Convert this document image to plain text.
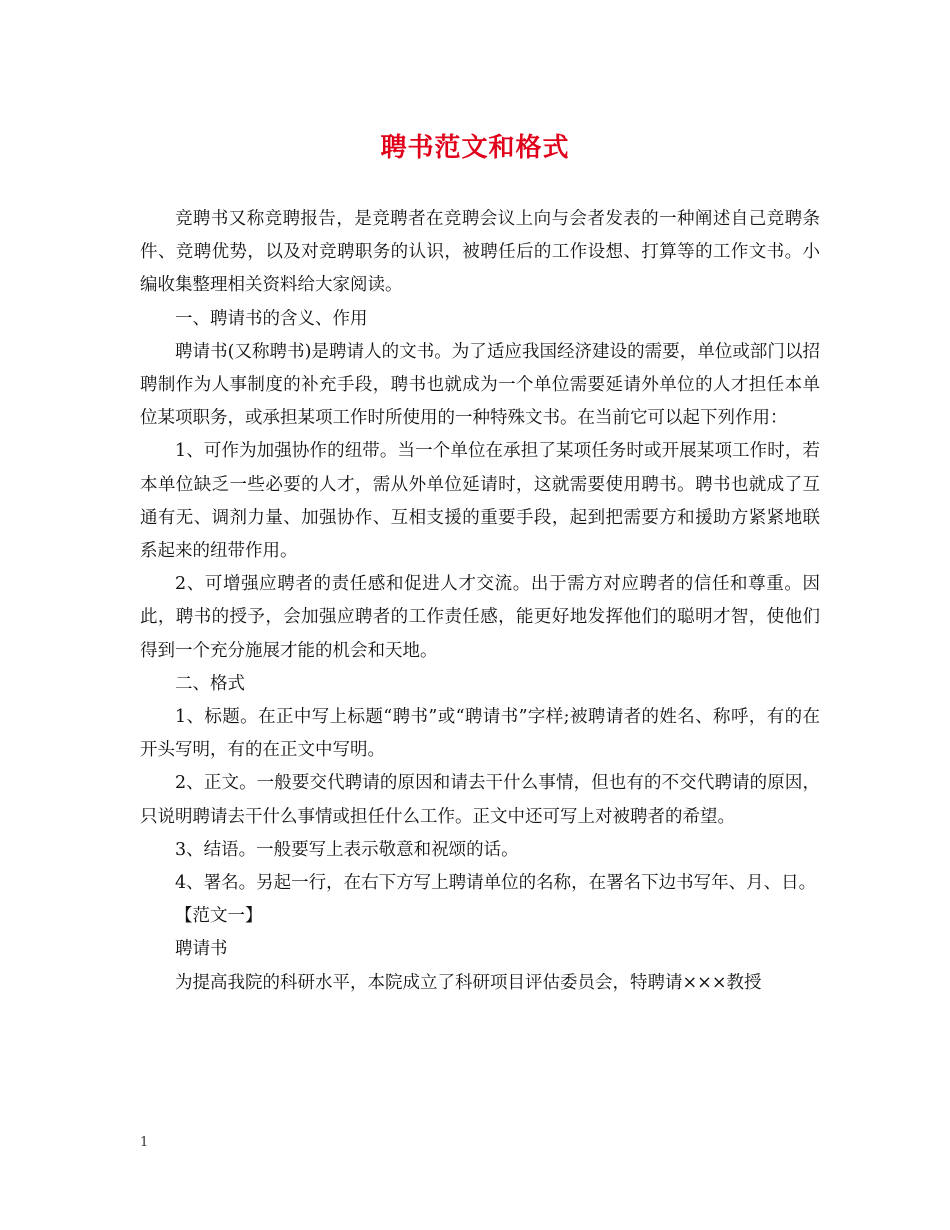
聘书范文和格式

竞聘书又称竞聘报告，是竞聘者在竞聘会议上向与会者发表的一种阐述自己竞聘条件、竞聘优势，以及对竞聘职务的认识，被聘任后的工作设想、打算等的工作文书。小编收集整理相关资料给大家阅读。

一、聘请书的含义、作用

聘请书(又称聘书)是聘请人的文书。为了适应我国经济建设的需要，单位或部门以招聘制作为人事制度的补充手段，聘书也就成为一个单位需要延请外单位的人才担任本单位某项职务，或承担某项工作时所使用的一种特殊文书。在当前它可以起下列作用：

1、可作为加强协作的纽带。当一个单位在承担了某项任务时或开展某项工作时，若本单位缺乏一些必要的人才，需从外单位延请时，这就需要使用聘书。聘书也就成了互通有无、调剂力量、加强协作、互相支援的重要手段，起到把需要方和援助方紧紧地联系起来的纽带作用。

2、可增强应聘者的责任感和促进人才交流。出于需方对应聘者的信任和尊重。因此，聘书的授予，会加强应聘者的工作责任感，能更好地发挥他们的聪明才智，使他们得到一个充分施展才能的机会和天地。

二、格式

1、标题。在正中写上标题“聘书”或“聘请书”字样;被聘请者的姓名、称呼，有的在开头写明，有的在正文中写明。

2、正文。一般要交代聘请的原因和请去干什么事情，但也有的不交代聘请的原因，只说明聘请去干什么事情或担任什么工作。正文中还可写上对被聘者的希望。

3、结语。一般要写上表示敬意和祝颂的话。

4、署名。另起一行，在右下方写上聘请单位的名称，在署名下边书写年、月、日。

【范文一】

聘请书

为提高我院的科研水平，本院成立了科研项目评估委员会，特聘请×××教授

1
